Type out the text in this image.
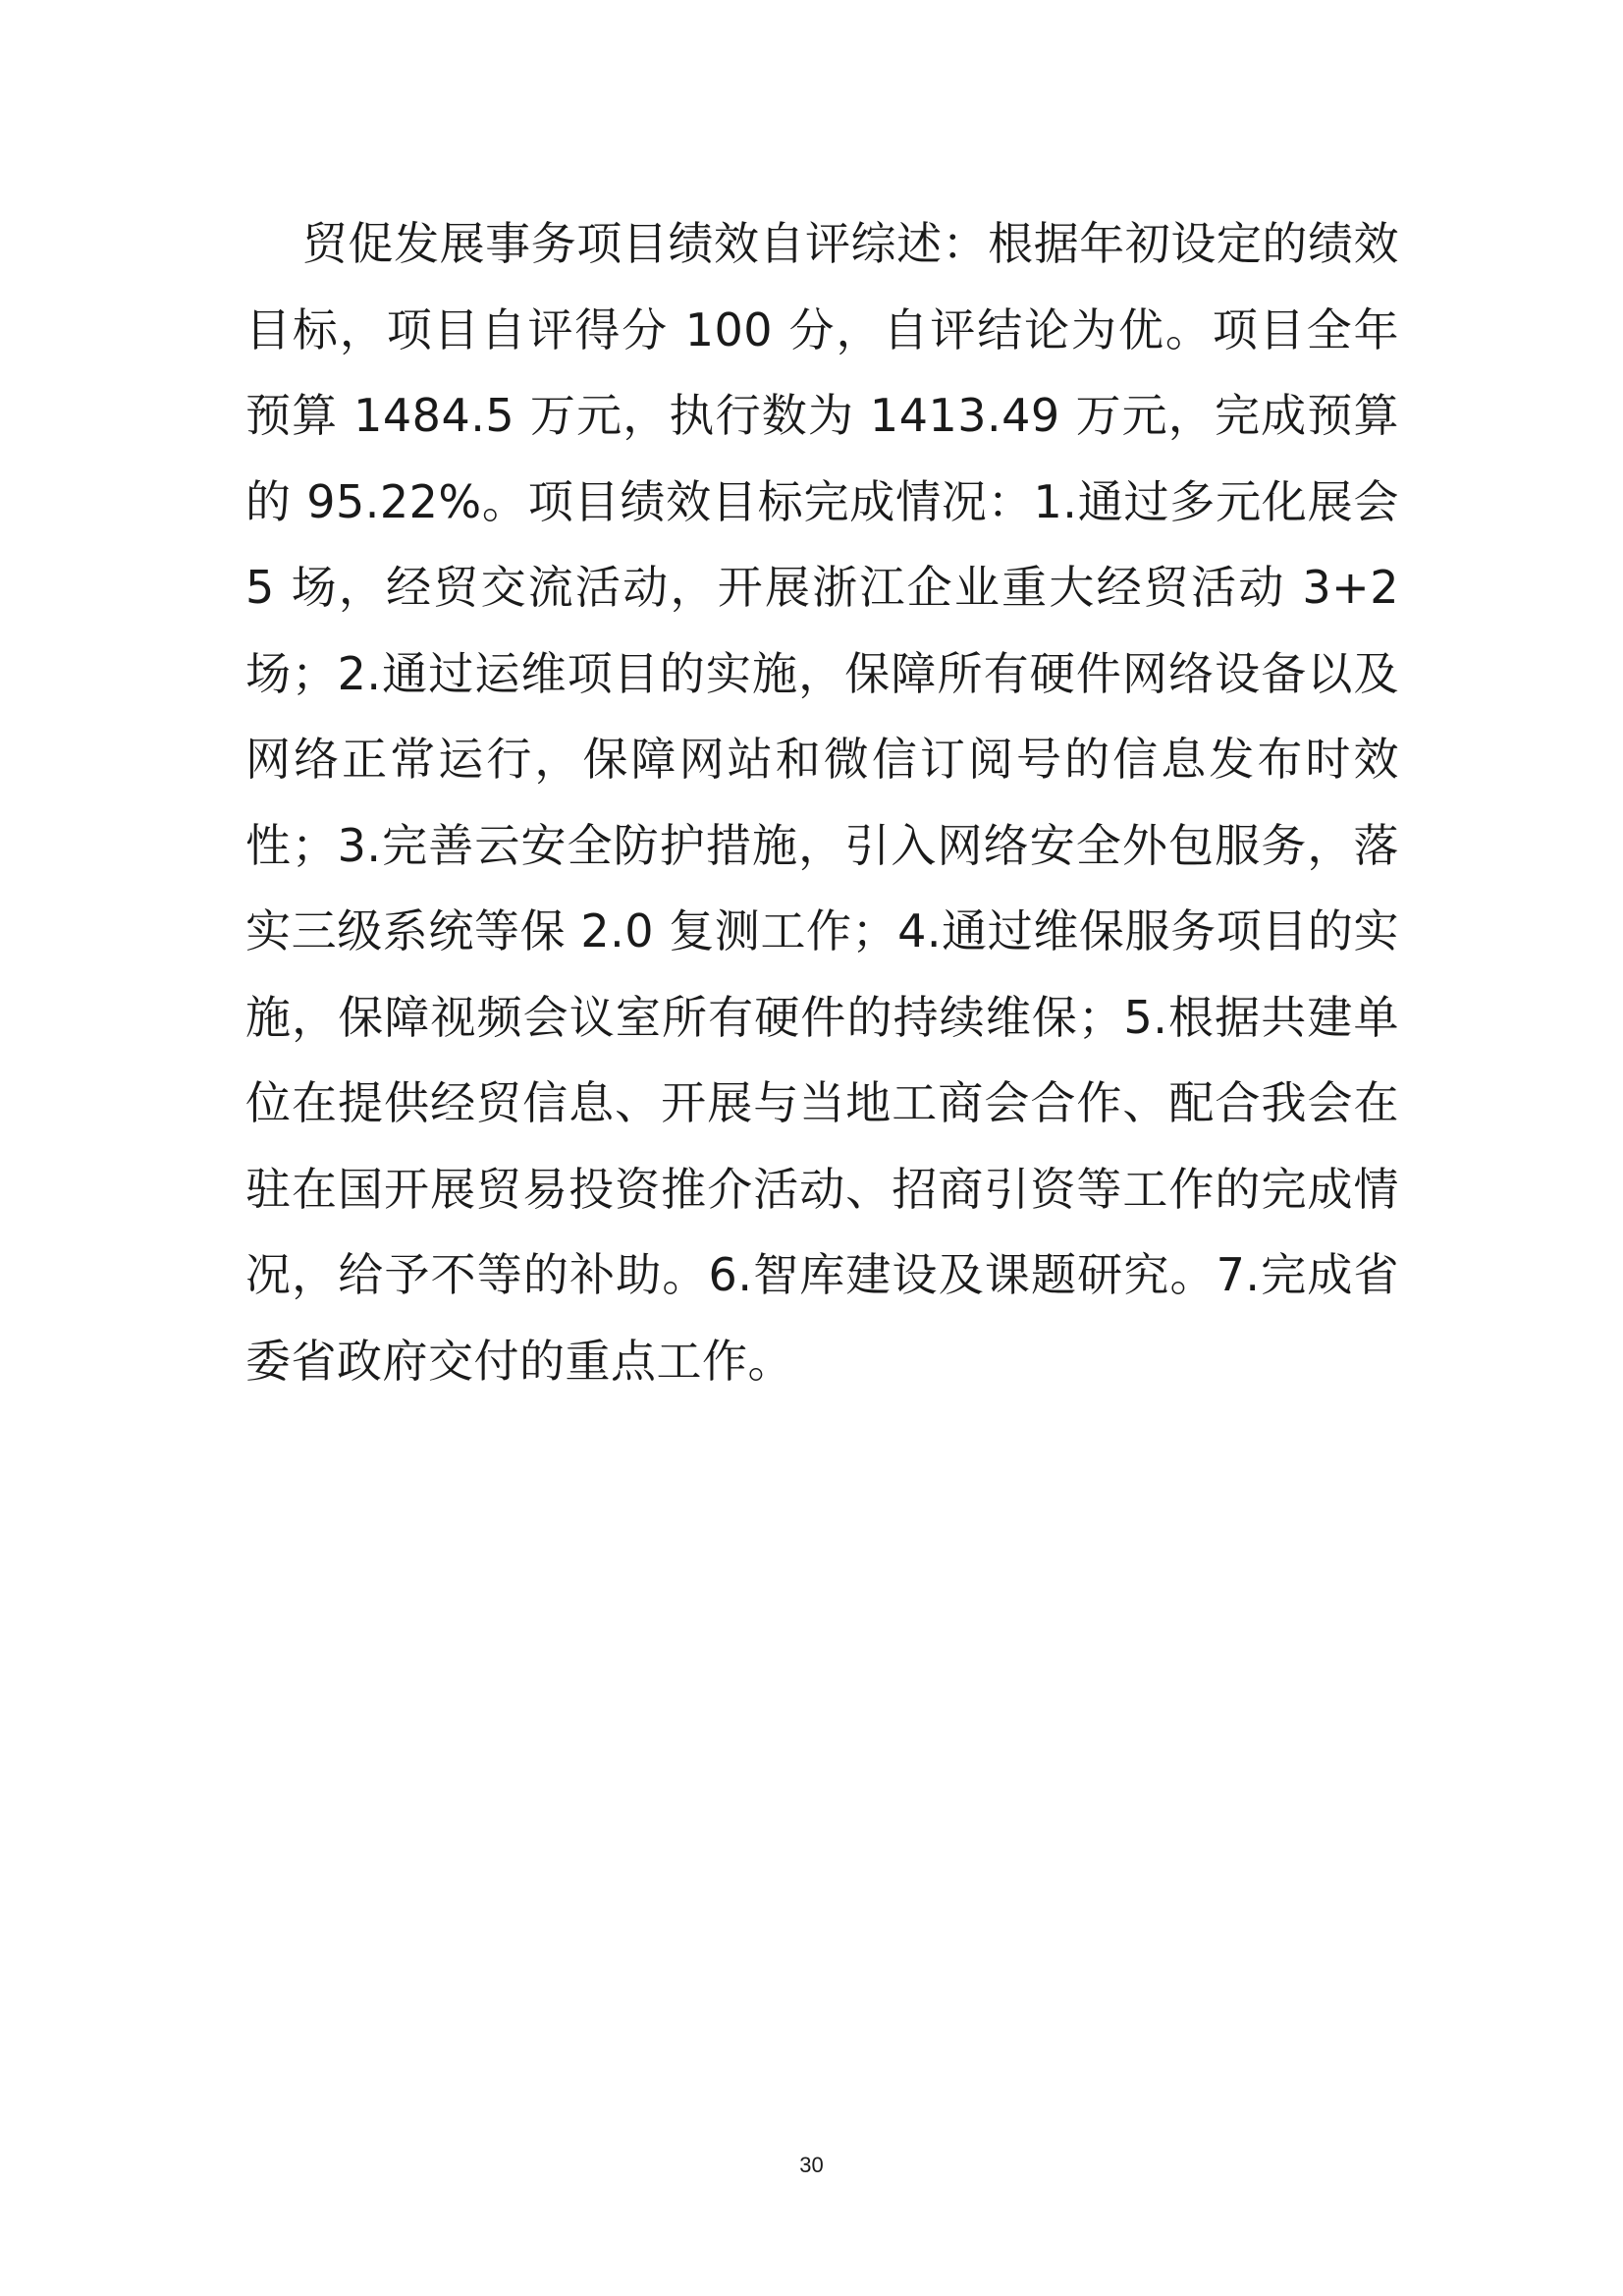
贸促发展事务项目绩效自评综述：根据年初设定的绩效目标，项目自评得分 100 分，自评结论为优。项目全年预算 1484.5 万元，执行数为 1413.49 万元，完成预算的 95.22%。项目绩效目标完成情况：1.通过多元化展会 5 场，经贸交流活动，开展浙江企业重大经贸活动 3+2 场；2.通过运维项目的实施，保障所有硬件网络设备以及网络正常运行，保障网站和微信订阅号的信息发布时效性；3.完善云安全防护措施，引入网络安全外包服务，落实三级系统等保 2.0 复测工作；4.通过维保服务项目的实施，保障视频会议室所有硬件的持续维保；5.根据共建单位在提供经贸信息、开展与当地工商会合作、配合我会在驻在国开展贸易投资推介活动、招商引资等工作的完成情况，给予不等的补助。6.智库建设及课题研究。7.完成省委省政府交付的重点工作。

30
